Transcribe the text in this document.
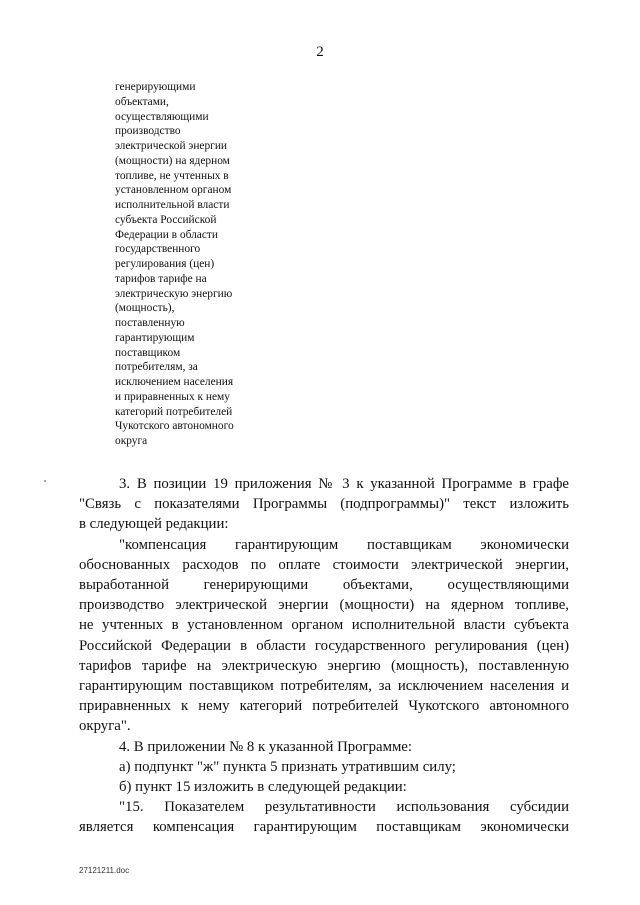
2
генерирующими
объектами,
осуществляющими
производство
электрической энергии
(мощности) на ядерном
топливе, не учтенных в
установленном органом
исполнительной власти
субъекта Российской
Федерации в области
государственного
регулирования (цен)
тарифов тарифе на
электрическую энергию
(мощность),
поставленную
гарантирующим
поставщиком
потребителям, за
исключением населения
и приравненных к нему
категорий потребителей
Чукотского автономного
округа
3. В позиции 19 приложения № 3 к указанной Программе в графе
"Связь с показателями Программы (подпрограммы)" текст изложить
в следующей редакции:
"компенсация гарантирующим поставщикам экономически
обоснованных расходов по оплате стоимости электрической энергии,
выработанной генерирующими объектами, осуществляющими
производство электрической энергии (мощности) на ядерном топливе,
не учтенных в установленном органом исполнительной власти субъекта
Российской Федерации в области государственного регулирования (цен)
тарифов тарифе на электрическую энергию (мощность), поставленную
гарантирующим поставщиком потребителям, за исключением населения и
приравненных к нему категорий потребителей Чукотского автономного
округа".
4. В приложении № 8 к указанной Программе:
а) подпункт "ж" пункта 5 признать утратившим силу;
б) пункт 15 изложить в следующей редакции:
"15. Показателем результативности использования субсидии
является компенсация гарантирующим поставщикам экономически
27121211.doc
